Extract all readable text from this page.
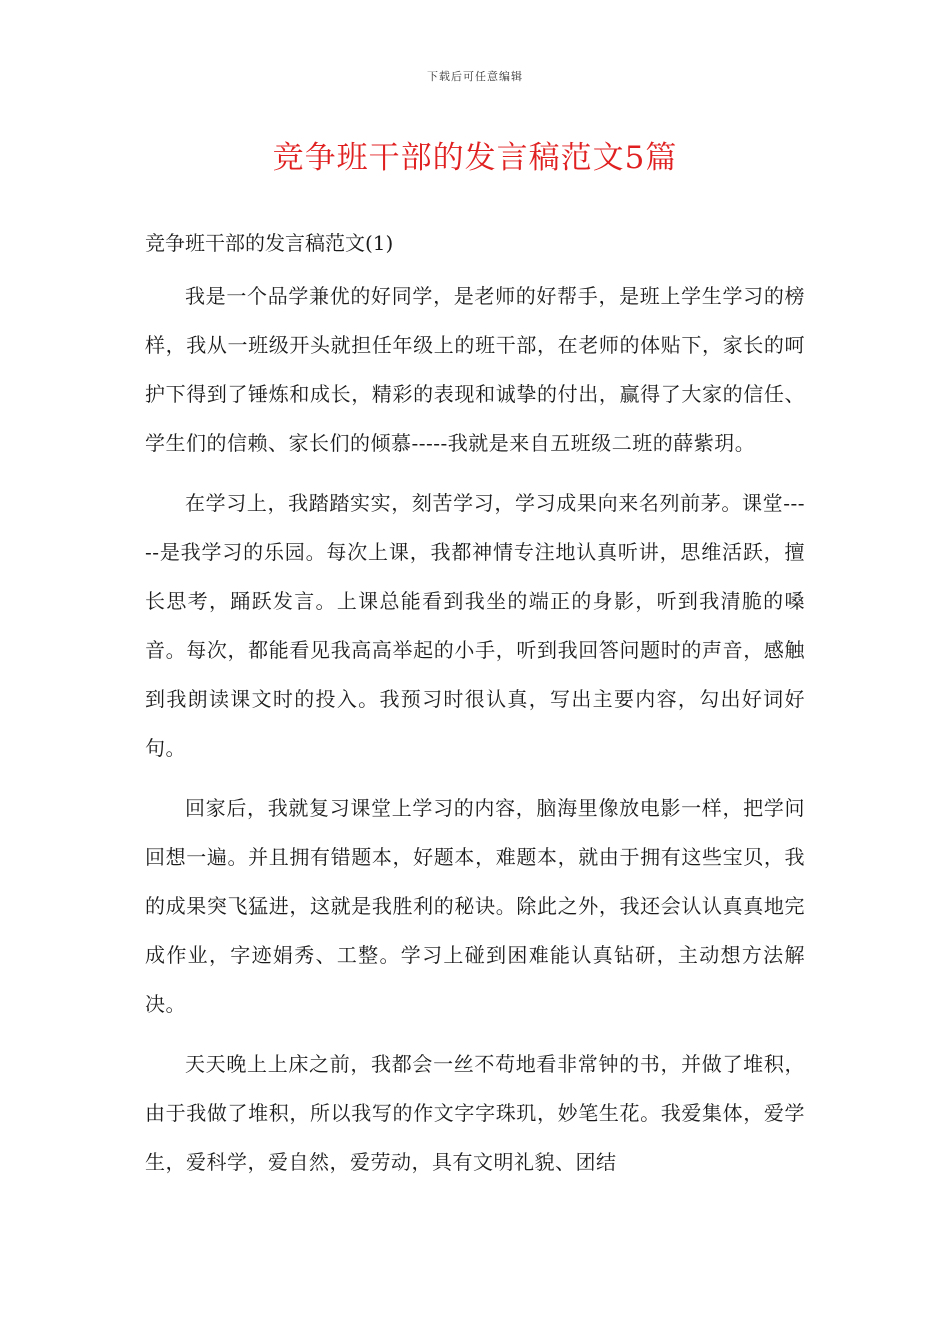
下载后可任意编辑
竞争班干部的发言稿范文5篇
竞争班干部的发言稿范文(1)

我是一个品学兼优的好同学，是老师的好帮手，是班上学生学习的榜样，我从一班级开头就担任年级上的班干部，在老师的体贴下，家长的呵护下得到了锤炼和成长，精彩的表现和诚挚的付出，赢得了大家的信任、学生们的信赖、家长们的倾慕-----我就是来自五班级二班的薛紫玥。

在学习上，我踏踏实实，刻苦学习，学习成果向来名列前茅。课堂-----是我学习的乐园。每次上课，我都神情专注地认真听讲，思维活跃，擅长思考，踊跃发言。上课总能看到我坐的端正的身影，听到我清脆的嗓音。每次，都能看见我高高举起的小手，听到我回答问题时的声音，感触到我朗读课文时的投入。我预习时很认真，写出主要内容，勾出好词好句。

回家后，我就复习课堂上学习的内容，脑海里像放电影一样，把学问回想一遍。并且拥有错题本，好题本，难题本，就由于拥有这些宝贝，我的成果突飞猛进，这就是我胜利的秘诀。除此之外，我还会认认真真地完成作业，字迹娟秀、工整。学习上碰到困难能认真钻研，主动想方法解决。

天天晚上上床之前，我都会一丝不苟地看非常钟的书，并做了堆积，由于我做了堆积，所以我写的作文字字珠玑，妙笔生花。我爱集体，爱学生，爱科学，爱自然，爱劳动，具有文明礼貌、团结
